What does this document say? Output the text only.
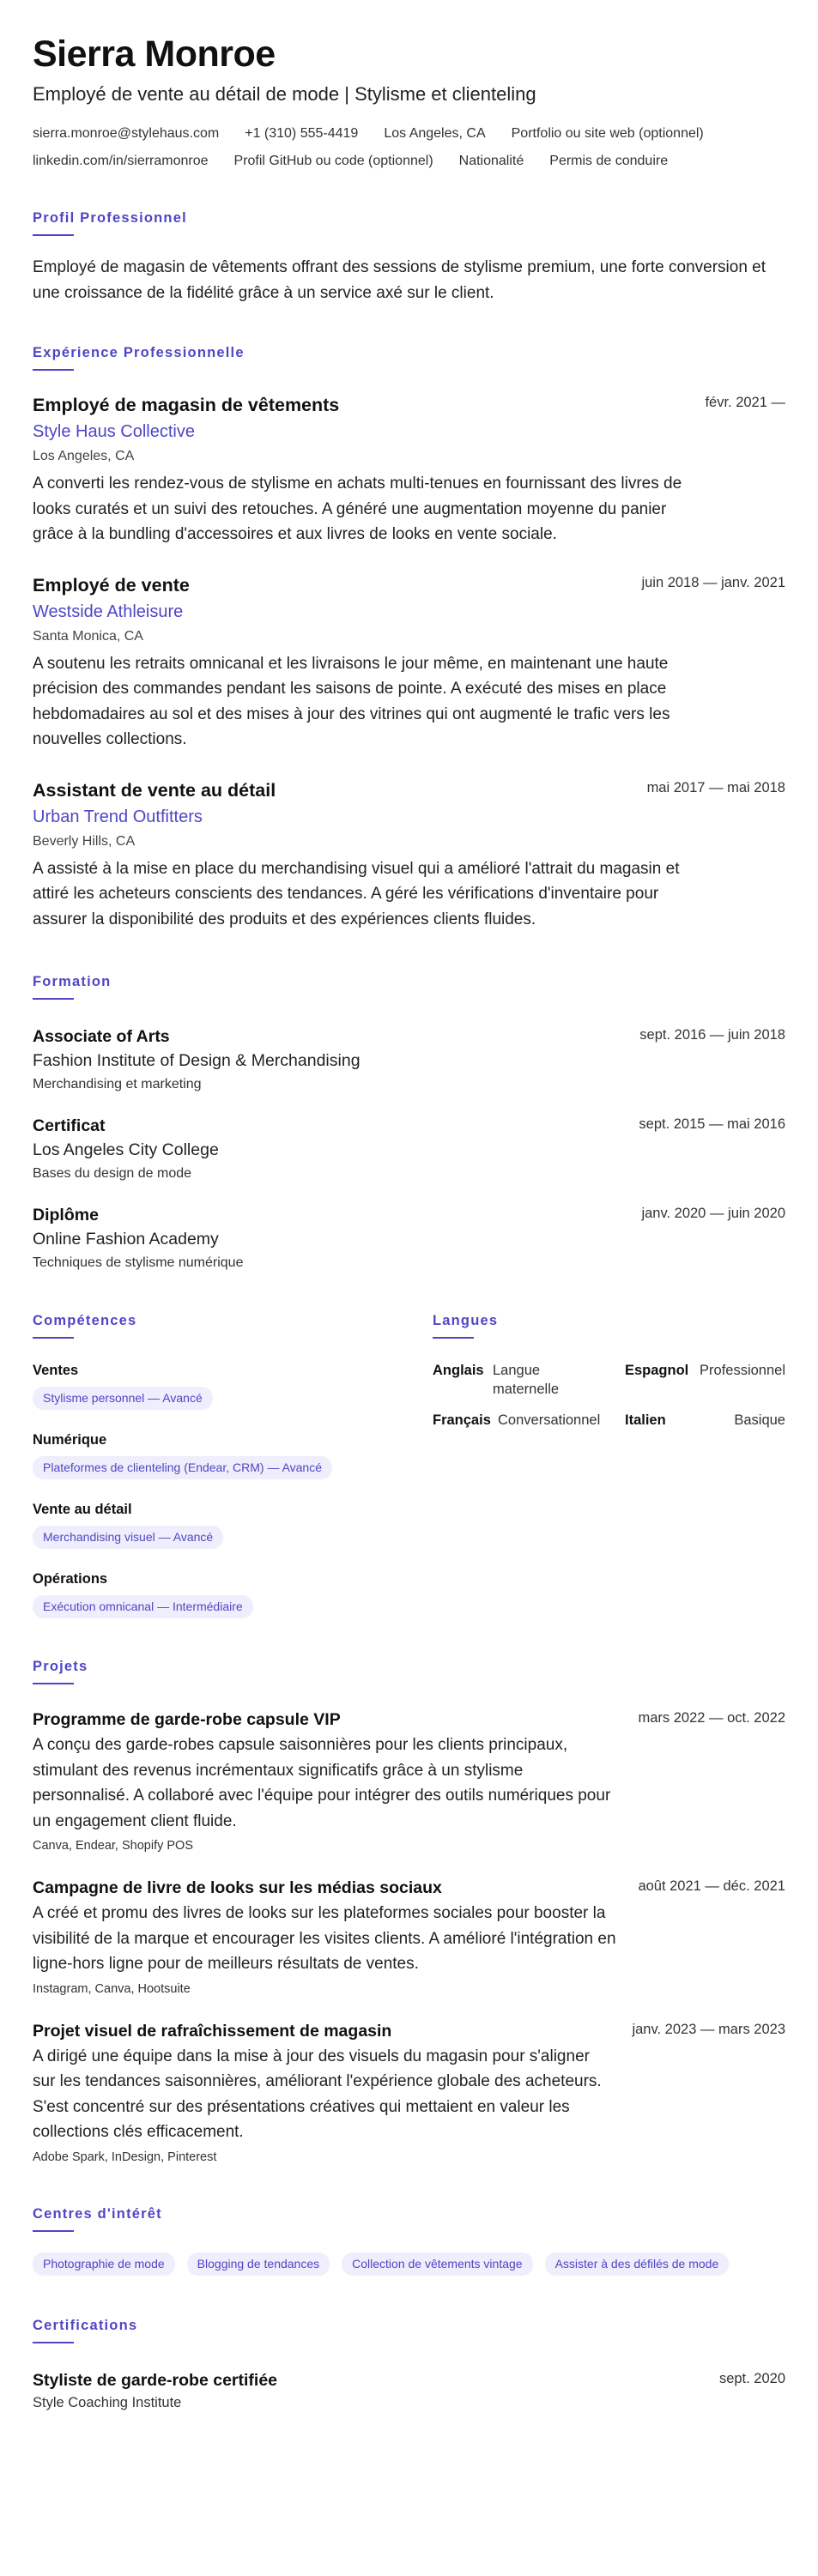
Sierra Monroe
Employé de vente au détail de mode | Stylisme et clienteling
sierra.monroe@stylehaus.com +1 (310) 555-4419 Los Angeles, CA Portfolio ou site web (optionnel)
linkedin.com/in/sierramonroe Profil GitHub ou code (optionnel) Nationalité Permis de conduire
Profil Professionnel

Employé de magasin de vêtements offrant des sessions de stylisme premium, une forte conversion et une croissance de la fidélité grâce à un service axé sur le client.

Expérience Professionnelle
Employé de magasin de vêtements	févr. 2021 —
Style Haus Collective
Los Angeles, CA

A converti les rendez-vous de stylisme en achats multi-tenues en fournissant des livres de looks curatés et un suivi des retouches. A généré une augmentation moyenne du panier grâce à la bundling d'accessoires et aux livres de looks en vente sociale.

Employé de vente	juin 2018 — janv. 2021
Westside Athleisure
Santa Monica, CA

A soutenu les retraits omnicanal et les livraisons le jour même, en maintenant une haute précision des commandes pendant les saisons de pointe. A exécuté des mises en place hebdomadaires au sol et des mises à jour des vitrines qui ont augmenté le trafic vers les nouvelles collections.

Assistant de vente au détail	mai 2017 — mai 2018
Urban Trend Outfitters
Beverly Hills, CA

A assisté à la mise en place du merchandising visuel qui a amélioré l'attrait du magasin et attiré les acheteurs conscients des tendances. A géré les vérifications d'inventaire pour assurer la disponibilité des produits et des expériences clients fluides.

Formation
Associate of Arts	sept. 2016 — juin 2018
Fashion Institute of Design & Merchandising
Merchandising et marketing
Certificat	sept. 2015 — mai 2016
Los Angeles City College
Bases du design de mode
Diplôme	janv. 2020 — juin 2020
Online Fashion Academy
Techniques de stylisme numérique
Compétences
Ventes
Stylisme personnel — Avancé
Numérique
Plateformes de clienteling (Endear, CRM) — Avancé
Vente au détail
Merchandising visuel — Avancé
Opérations
Exécution omnicanal — Intermédiaire
Langues
Anglais Langue maternelle
Espagnol Professionnel
Français Conversationnel	Italien	Basique
Projets
Programme de garde-robe capsule VIP	mars 2022 — oct. 2022

A conçu des garde-robes capsule saisonnières pour les clients principaux, stimulant des revenus incrémentaux significatifs grâce à un stylisme personnalisé. A collaboré avec l'équipe pour intégrer des outils numériques pour un engagement client fluide.

Canva, Endear, Shopify POS
Campagne de livre de looks sur les médias sociaux	août 2021 — déc. 2021

A créé et promu des livres de looks sur les plateformes sociales pour booster la visibilité de la marque et encourager les visites clients. A amélioré l'intégration en ligne-hors ligne pour de meilleurs résultats de ventes.

Instagram, Canva, Hootsuite
Projet visuel de rafraîchissement de magasin	janv. 2023 — mars 2023

A dirigé une équipe dans la mise à jour des visuels du magasin pour s'aligner sur les tendances saisonnières, améliorant l'expérience globale des acheteurs. S'est concentré sur des présentations créatives qui mettaient en valeur les collections clés efficacement.

Adobe Spark, InDesign, Pinterest
Centres d'intérêt
Photographie de mode	Blogging de tendances	Collection de vêtements vintage	Assister à des défilés de mode
Certifications
Styliste de garde-robe certifiée	sept. 2020
Style Coaching Institute
